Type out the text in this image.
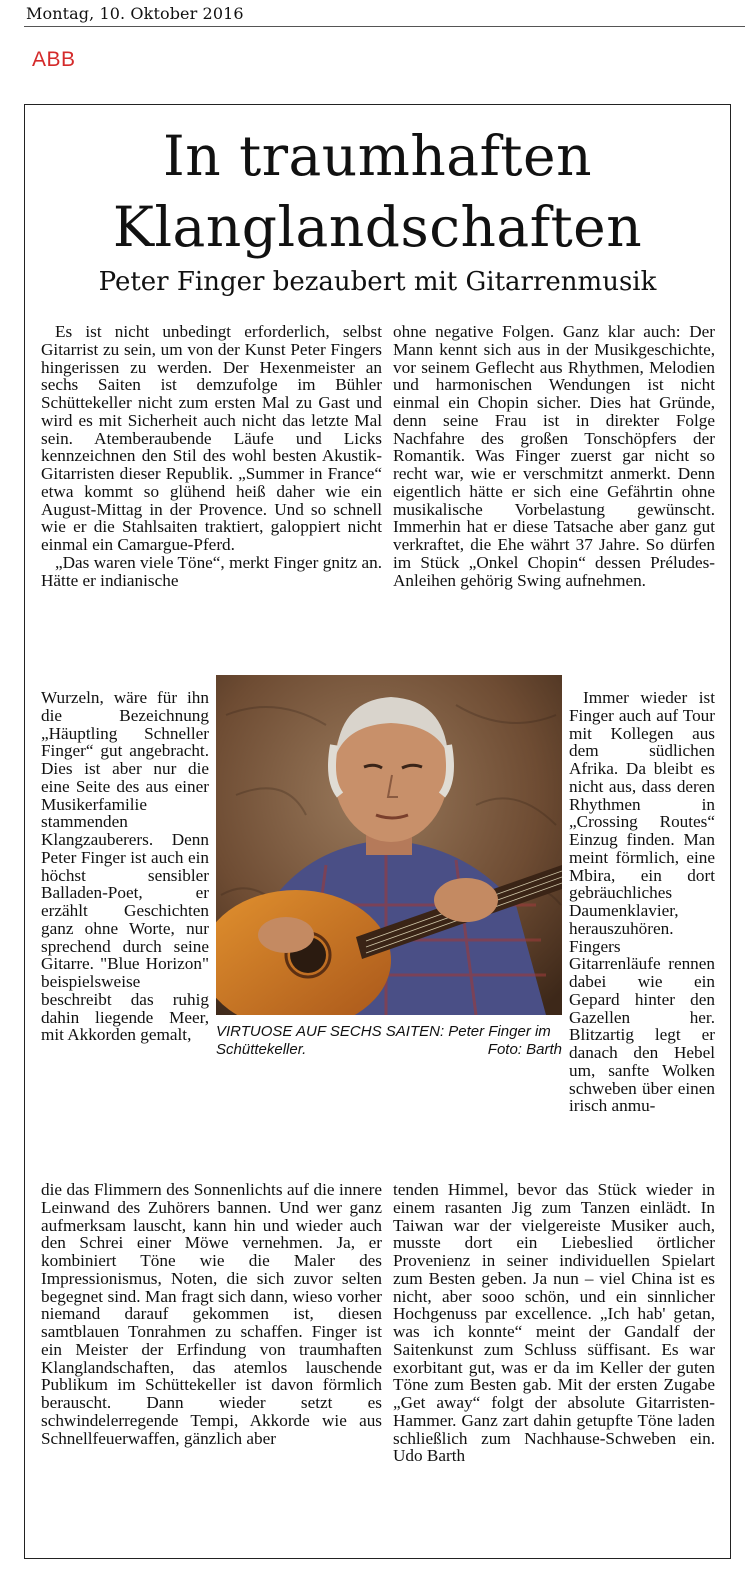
Montag, 10. Oktober 2016
ABB
In traumhaften
Klanglandschaften
Peter Finger bezaubert mit Gitarrenmusik

Es ist nicht unbedingt erforderlich, selbst Gitarrist zu sein, um von der Kunst Peter Fingers hingerissen zu werden. Der Hexenmeister an sechs Saiten ist demzufolge im Bühler Schüttekeller nicht zum ersten Mal zu Gast und wird es mit Sicherheit auch nicht das letzte Mal sein. Atemberaubende Läufe und Licks kennzeichnen den Stil des wohl besten Akustik-Gitarristen dieser Republik. „Summer in France“ etwa kommt so glühend heiß daher wie ein August-Mittag in der Provence. Und so schnell wie er die Stahlsaiten traktiert, galoppiert nicht einmal ein Camargue-Pferd.

„Das waren viele Töne“, merkt Finger gnitz an. Hätte er indianische

Wurzeln, wäre für ihn die Bezeichnung „Häuptling Schneller Finger“ gut angebracht. Dies ist aber nur die eine Seite des aus einer Musikerfamilie stammenden Klangzauberers. Denn Peter Finger ist auch ein höchst sensibler Balladen-Poet, er erzählt Geschichten ganz ohne Worte, nur sprechend durch seine Gitarre. "Blue Horizon" beispielsweise beschreibt das ruhig dahin liegende Meer, mit Akkorden gemalt,

die das Flimmern des Sonnenlichts auf die innere Leinwand des Zuhörers bannen. Und wer ganz aufmerksam lauscht, kann hin und wieder auch den Schrei einer Möwe vernehmen. Ja, er kombiniert Töne wie die Maler des Impressionismus, Noten, die sich zuvor selten begegnet sind. Man fragt sich dann, wieso vorher niemand darauf gekommen ist, diesen samtblauen Tonrahmen zu schaffen. Finger ist ein Meister der Erfindung von traumhaften Klanglandschaften, das atemlos lauschende Publikum im Schüttekeller ist davon förmlich berauscht. Dann wieder setzt es schwindelerregende Tempi, Akkorde wie aus Schnellfeuerwaffen, gänzlich aber

ohne negative Folgen. Ganz klar auch: Der Mann kennt sich aus in der Musikgeschichte, vor seinem Geflecht aus Rhythmen, Melodien und harmonischen Wendungen ist nicht einmal ein Chopin sicher. Dies hat Gründe, denn seine Frau ist in direkter Folge Nachfahre des großen Tonschöpfers der Romantik. Was Finger zuerst gar nicht so recht war, wie er verschmitzt anmerkt. Denn eigentlich hätte er sich eine Gefährtin ohne musikalische Vorbelastung gewünscht. Immerhin hat er diese Tatsache aber ganz gut verkraftet, die Ehe währt 37 Jahre. So dürfen im Stück „Onkel Chopin“ dessen Préludes-Anleihen gehörig Swing aufnehmen.

Immer wieder ist Finger auch auf Tour mit Kollegen aus dem südlichen Afrika. Da bleibt es nicht aus, dass deren Rhythmen in „Crossing Routes“ Einzug finden. Man meint förmlich, eine Mbira, ein dort gebräuchliches Daumenklavier, herauszuhören. Fingers Gitarrenläufe rennen dabei wie ein Gepard hinter den Gazellen her. Blitzartig legt er danach den Hebel um, sanfte Wolken schweben über einen irisch anmu-

tenden Himmel, bevor das Stück wieder in einem rasanten Jig zum Tanzen einlädt. In Taiwan war der vielgereiste Musiker auch, musste dort ein Liebeslied örtlicher Provenienz in seiner individuellen Spielart zum Besten geben. Ja nun – viel China ist es nicht, aber sooo schön, und ein sinnlicher Hochgenuss par excellence. „Ich hab' getan, was ich konnte“ meint der Gandalf der Saitenkunst zum Schluss süffisant. Es war exorbitant gut, was er da im Keller der guten Töne zum Besten gab. Mit der ersten Zugabe „Get away“ folgt der absolute Gitarristen-Hammer. Ganz zart dahin getupfte Töne laden schließlich zum Nachhause-Schweben ein. Udo Barth

VIRTUOSE AUF SECHS SAITEN: Peter Finger im Schüttekeller.	Foto: Barth
